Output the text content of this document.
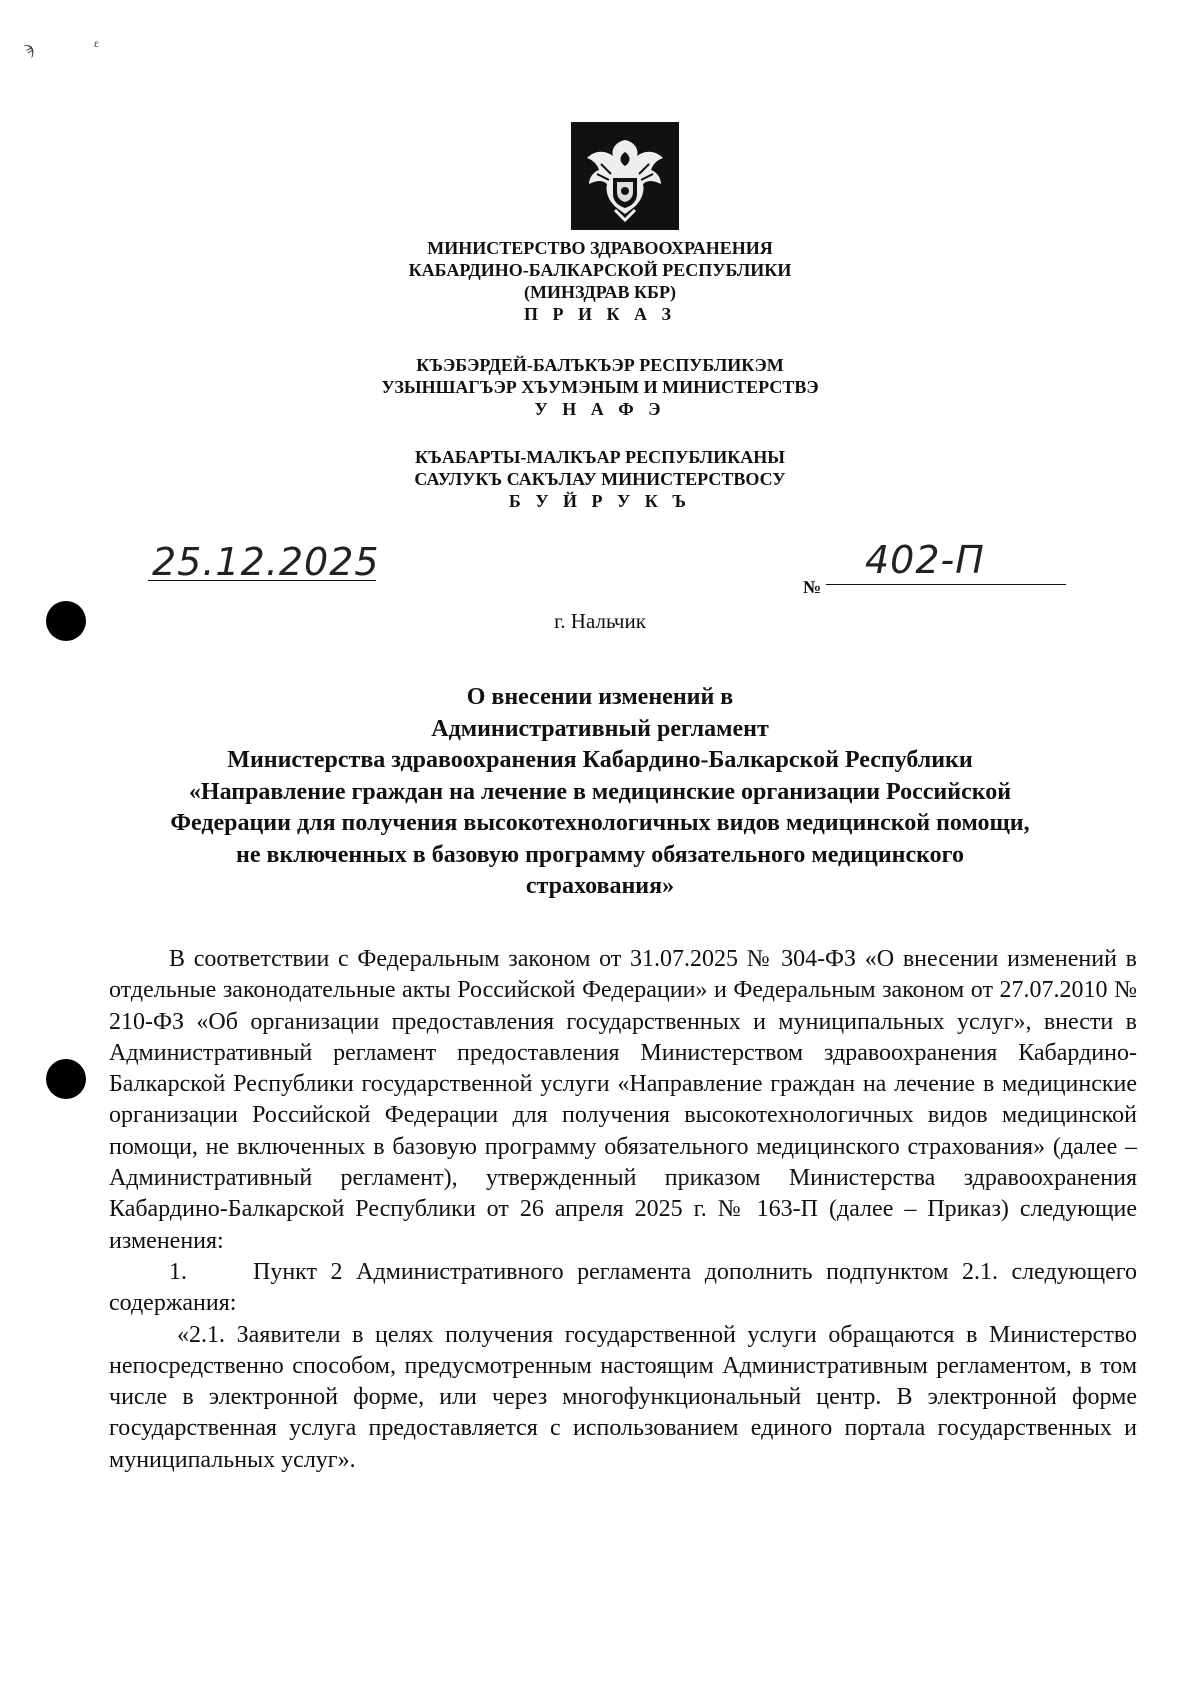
ϡ	ɛ
МИНИСТЕРСТВО ЗДРАВООХРАНЕНИЯ
КАБАРДИНО-БАЛКАРСКОЙ РЕСПУБЛИКИ
(МИНЗДРАВ КБР)
П Р И К А З
КЪЭБЭРДЕЙ-БАЛЪКЪЭР РЕСПУБЛИКЭМ
УЗЫНШАГЪЭР ХЪУМЭНЫМ И МИНИСТЕРСТВЭ
У Н А Ф Э
КЪАБАРТЫ-МАЛКЪАР РЕСПУБЛИКАНЫ
САУЛУКЪ САКЪЛАУ МИНИСТЕРСТВОСУ
Б У Й Р У К Ъ
25.12.2025
№
402-П
г. Нальчик
О внесении изменений в
Административный регламент
Министерства здравоохранения Кабардино-Балкарской Республики
«Направление граждан на лечение в медицинские организации Российской
Федерации для получения высокотехнологичных видов медицинской помощи,
не включенных в базовую программу обязательного медицинского
страхования»

В соответствии с Федеральным законом от 31.07.2025 № 304-ФЗ «О внесении изменений в отдельные законодательные акты Российской Федерации» и Федеральным законом от 27.07.2010 № 210-ФЗ «Об организации предоставления государственных и муниципальных услуг», внести в Административный регламент предоставления Министерством здравоохранения Кабардино-Балкарской Республики государственной услуги «Направление граждан на лечение в медицинские организации Российской Федерации для получения высокотехнологичных видов медицинской помощи, не включенных в базовую программу обязательного медицинского страхования» (далее – Административный регламент), утвержденный приказом Министерства здравоохранения Кабардино-Балкарской Республики от 26 апреля 2025 г. № 163-П (далее – Приказ) следующие изменения:

1.	Пункт 2 Административного регламента дополнить подпунктом 2.1. следующего содержания:

«2.1. Заявители в целях получения государственной услуги обращаются в Министерство непосредственно способом, предусмотренным настоящим Административным регламентом, в том числе в электронной форме, или через многофункциональный центр. В электронной форме государственная услуга предоставляется с использованием единого портала государственных и муниципальных услуг».
